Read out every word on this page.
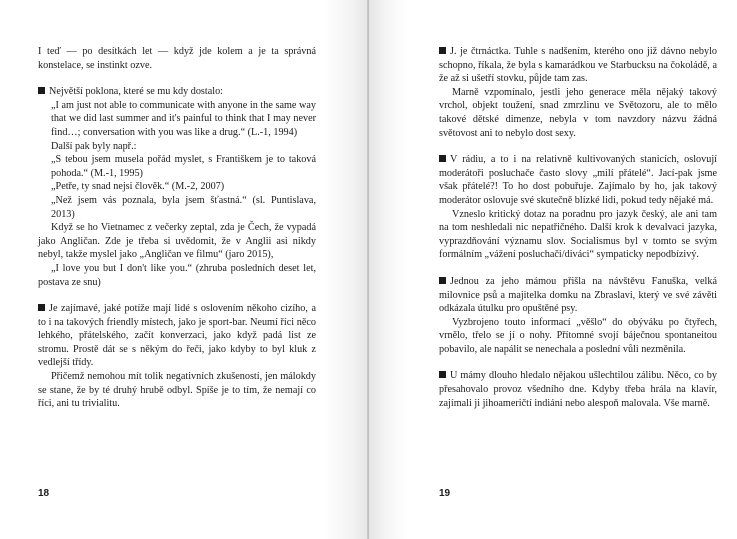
I teď — po desítkách let — když jde kolem a je ta správná konstelace, se instinkt ozve.

Největší poklona, které se mu kdy dostalo:

„I am just not able to communicate with anyone in the same way that we did last summer and it's painful to think that I may never find…; conversation with you was like a drug.“ (L.-1, 1994)

Další pak byly např.:

„S tebou jsem musela pořád myslet, s Františkem je to taková pohoda.“ (M.-1, 1995)

„Petře, ty snad nejsi člověk.“ (M.-2, 2007)

„Než jsem vás poznala, byla jsem šťastná.“ (sl. Puntislava, 2013)

Když se ho Vietnamec z večerky zeptal, zda je Čech, že vypadá jako Angličan. Zde je třeba si uvědomit, že v Anglii asi nikdy nebyl, takže myslel jako „Angličan ve filmu“ (jaro 2015),

„I love you but I don't like you.“ (zhruba posledních deset let, postava ze snu)

Je zajímavé, jaké potíže mají lidé s oslovením někoho cizího, a to i na takových friendly místech, jako je sport-bar. Neumí říci něco lehkého, přátelského, začít konverzaci, jako když padá list ze stromu. Prostě dát se s někým do řeči, jako kdyby to byl kluk z vedlejší třídy.

Přičemž nemohou mít tolik negativních zkušeností, jen málokdy se stane, že by té druhý hrubě odbyl. Spíše je to tím, že nemají co říci, ani tu trivialitu.

18

J. je čtrnáctka. Tuhle s nadšením, kterého ono již dávno nebylo schopno, říkala, že byla s kamarádkou ve Starbucksu na čokoládě, a že až si ušetří stovku, půjde tam zas.

Marně vzpomínalo, jestli jeho generace měla nějaký takový vrchol, objekt toužení, snad zmrzlinu ve Světozoru, ale to mělo takové dětské dimenze, nebyla v tom navzdory názvu žádná světovost ani to nebylo dost sexy.

V rádiu, a to i na relativně kultivovaných stanicích, oslovují moderátoři posluchače často slovy „milí přátelé“. Jací-pak jsme však přátelé?! To ho dost pobuřuje. Zajímalo by ho, jak takový moderátor oslovuje své skutečně blízké lidi, pokud tedy nějaké má.

Vzneslo kritický dotaz na poradnu pro jazyk český, ale ani tam na tom neshledali nic nepatřičného. Další krok k devalvaci jazyka, vyprazdňování významu slov. Socialismus byl v tomto se svým formálním „vážení posluchači/diváci“ sympaticky nepodbízivý.

Jednou za jeho mámou přišla na návštěvu Fanuška, velká milovnice psů a majitelka domku na Zbraslavi, který ve své závěti odkázala útulku pro opuštěné psy.

Vyzbrojeno touto informací „věšlo“ do obýváku po čtyřech, vrnělo, třelo se jí o nohy. Přítomné svojí báječnou spontaneitou pobavilo, ale napálit se nenechala a poslední vůli nezměnila.

U mámy dlouho hledalo nějakou ušlechtilou zálibu. Něco, co by přesahovalo provoz všedního dne. Kdyby třeba hrála na klavír, zajímali ji jihoameričtí indiáni nebo alespoň malovala. Vše marně.

19
